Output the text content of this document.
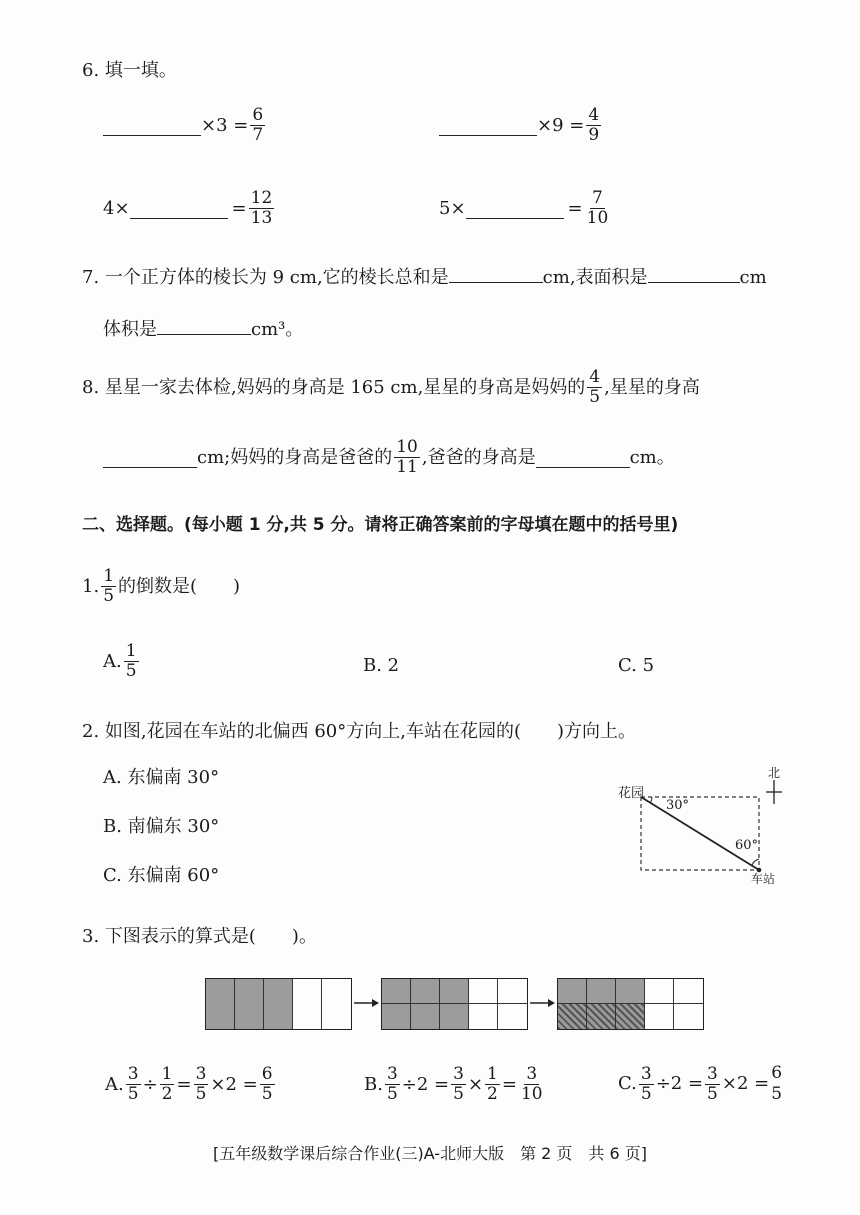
6. 填一填。
$\times 3 = \frac{6}{7}$	$\times 9 = \frac{4}{9}$
4×	= $\frac{12}{13}$	5×	= $\frac{7}{10}$
7. 一个正方体的棱长为 9 cm,它的棱长总和是	cm,表面积是	cm
体积是	cm³。
8. 星星一家去体检,妈妈的身高是 165 cm,星星的身高是妈妈的 $\frac{4}{5}$ ,星星的身高
cm;妈妈的身高是爸爸的 $\frac{10}{11}$ ,爸爸的身高是	cm。
二、选择题。(每小题 1 分,共 5 分。请将正确答案前的字母填在题中的括号里)
1. $\frac{1}{5}$ 的倒数是(　　)
A. $\frac{1}{5}$	B. 2	C. 5
2. 如图,花园在车站的北偏西 60°方向上,车站在花园的(　　)方向上。
A. 东偏南 30°
B. 南偏东 30°
C. 东偏南 60°
花园
北
30°
60°
车站
3. 下图表示的算式是(　　)。
A. $\frac{3}{5} \div \frac{1}{2} = \frac{3}{5} \times 2 = \frac{6}{5}$	B. $\frac{3}{5} \div 2 = \frac{3}{5} \times \frac{1}{2} = \frac{3}{10}$	C. $\frac{3}{5} \div 2 = \frac{3}{5} \times 2 = 6$
5
[五年级数学课后综合作业(三)A-北师大版　第 2 页　共 6 页]
